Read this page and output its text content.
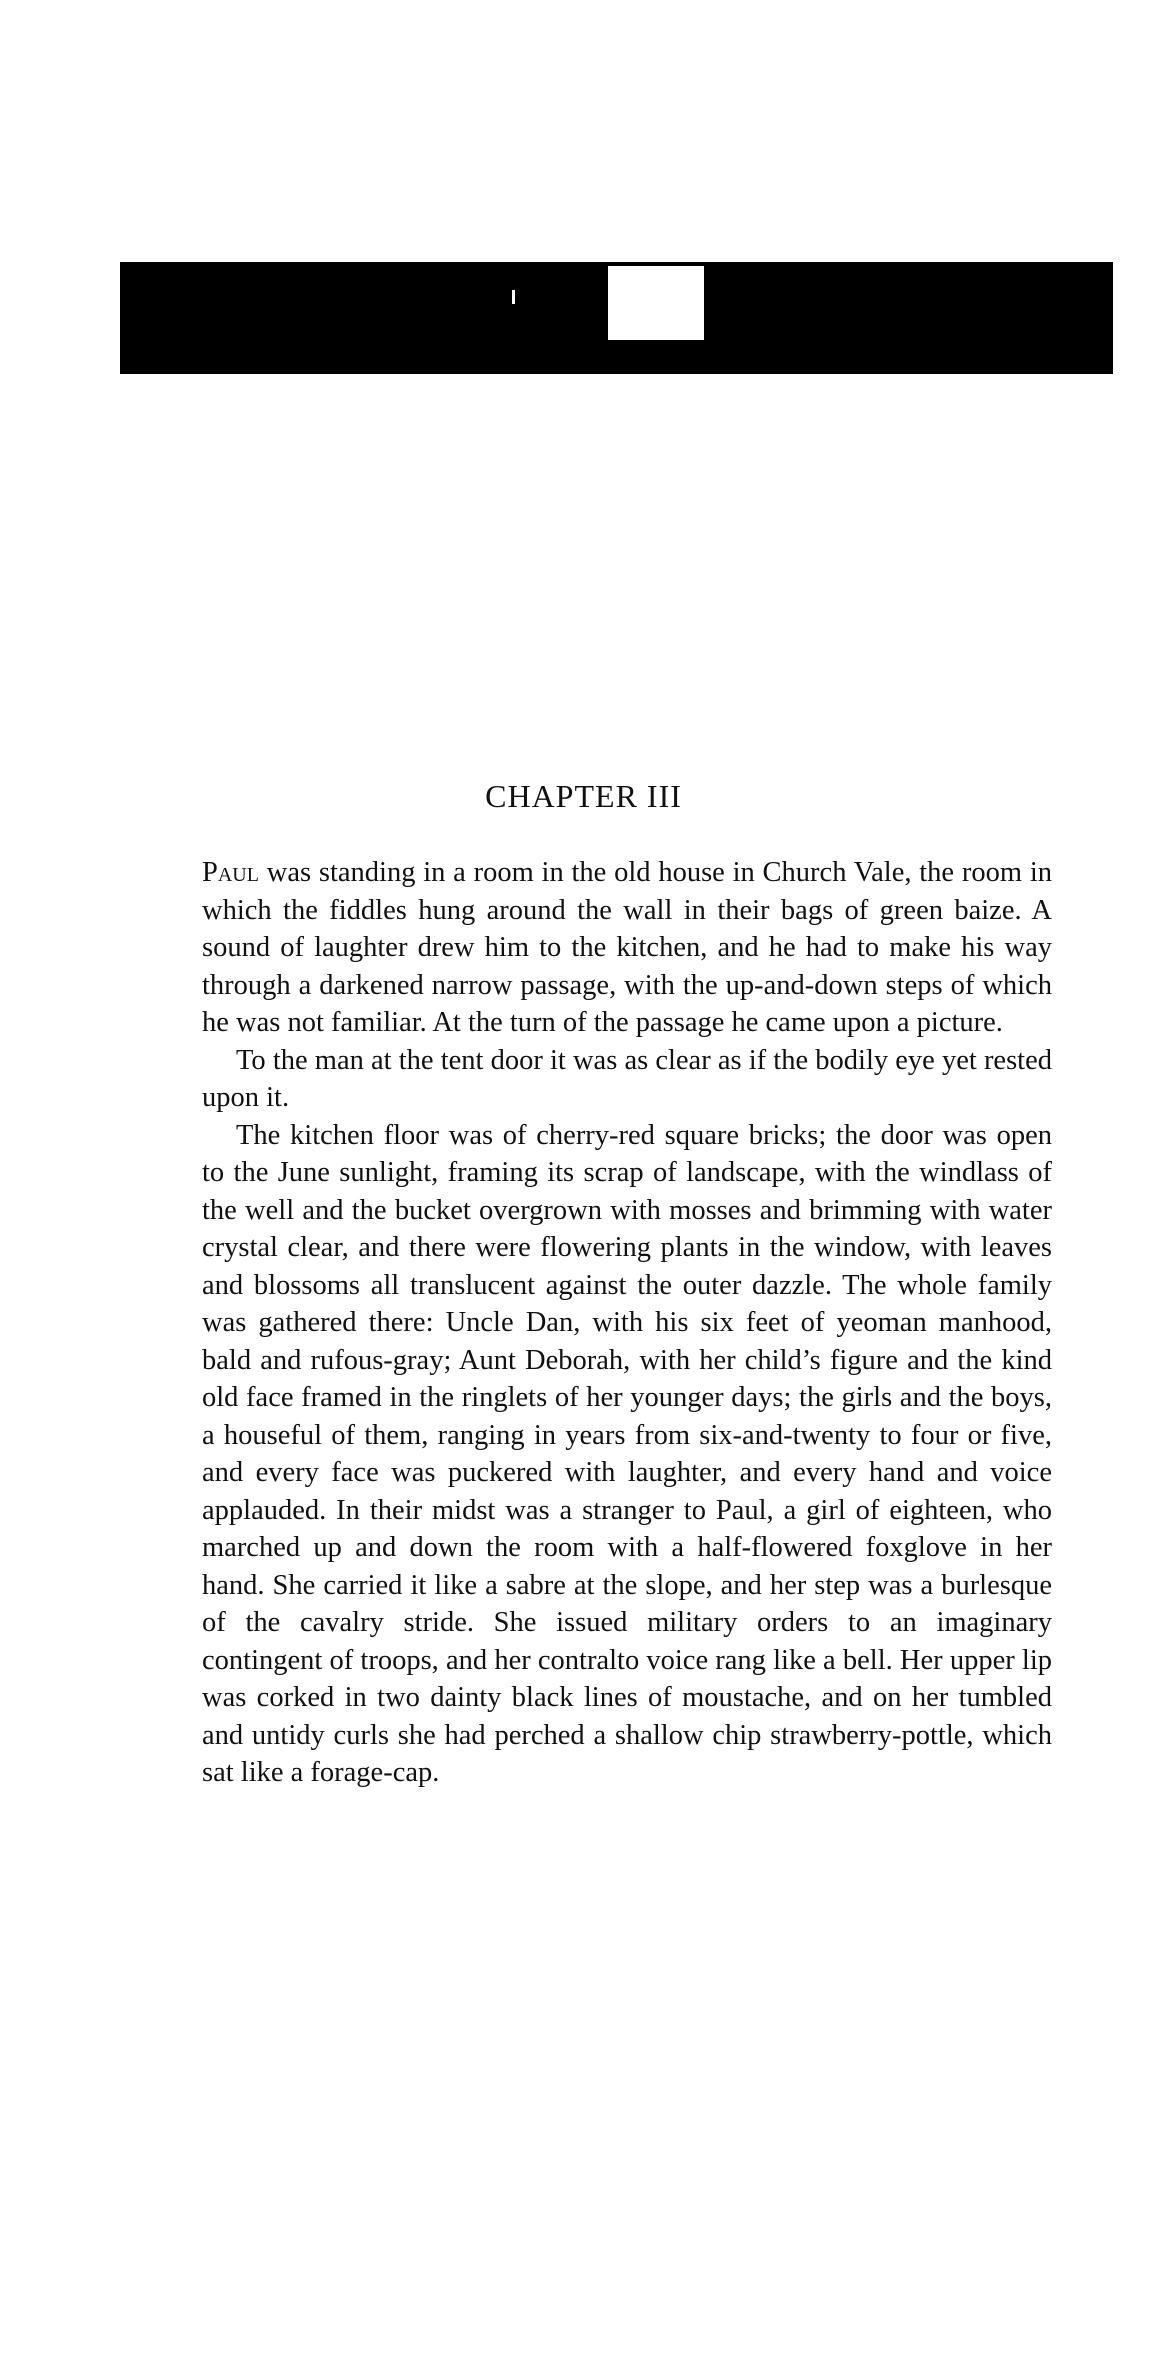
CHAPTER III

Paul was standing in a room in the old house in Church Vale, the room in which the fiddles hung around the wall in their bags of green baize. A sound of laughter drew him to the kitchen, and he had to make his way through a darkened narrow passage, with the up-and-down steps of which he was not familiar. At the turn of the passage he came upon a picture.

To the man at the tent door it was as clear as if the bodily eye yet rested upon it.

The kitchen floor was of cherry-red square bricks; the door was open to the June sunlight, framing its scrap of landscape, with the windlass of the well and the bucket overgrown with mosses and brimming with water crystal clear, and there were flowering plants in the window, with leaves and blossoms all translucent against the outer dazzle. The whole family was gathered there: Uncle Dan, with his six feet of yeoman manhood, bald and rufous-gray; Aunt Deborah, with her child’s figure and the kind old face framed in the ringlets of her younger days; the girls and the boys, a houseful of them, ranging in years from six-and-twenty to four or five, and every face was puckered with laughter, and every hand and voice applauded. In their midst was a stranger to Paul, a girl of eighteen, who marched up and down the room with a half-flowered foxglove in her hand. She carried it like a sabre at the slope, and her step was a burlesque of the cavalry stride. She issued military orders to an imaginary contingent of troops, and her contralto voice rang like a bell. Her upper lip was corked in two dainty black lines of moustache, and on her tumbled and untidy curls she had perched a shallow chip strawberry-pottle, which sat like a forage-cap.
